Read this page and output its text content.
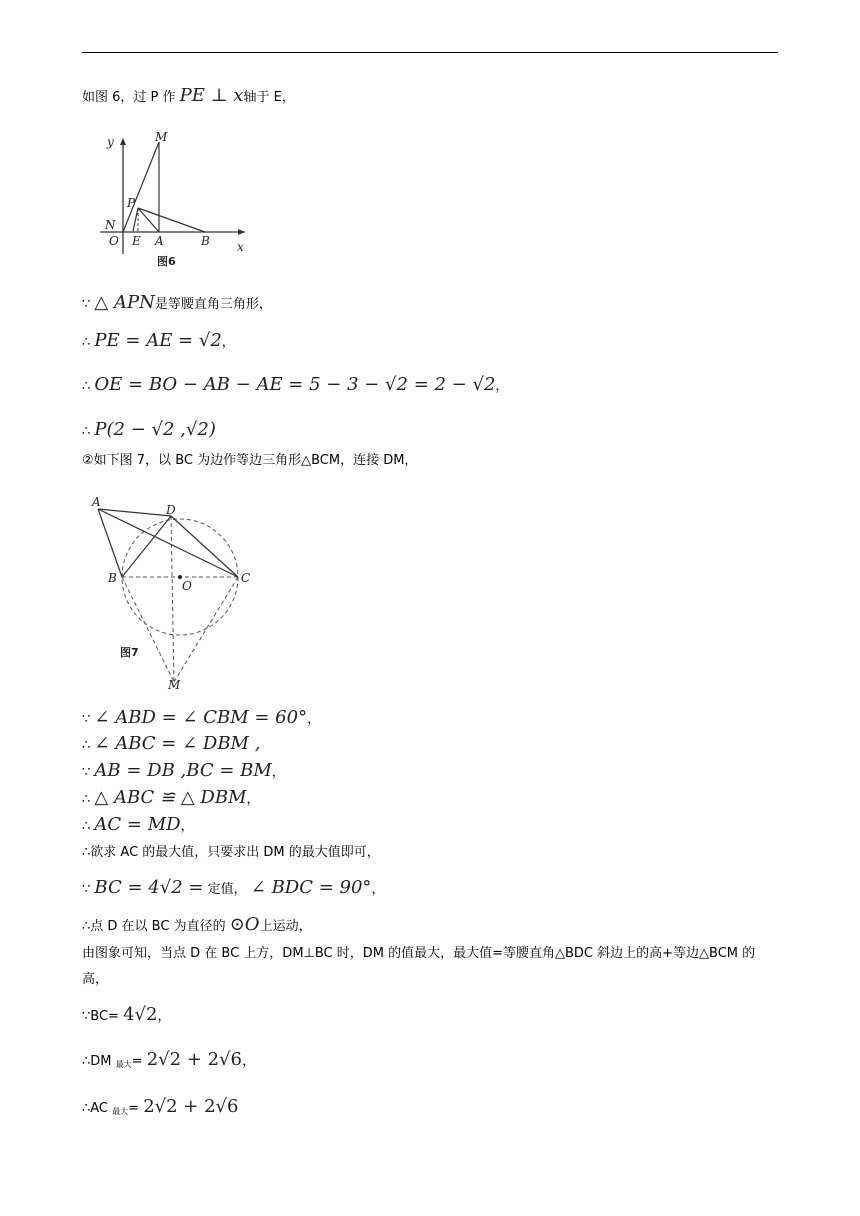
如图 6，过 P 作 PE ⊥ x轴于 E，
y	M
P
N
O E A	B x
图6
∵ △ APN是等腰直角三角形，
∴ PE = AE = √2，
∴ OE = BO − AB − AE = 5 − 3 − √2 = 2 − √2，
∴ P(2 − √2 ,√2)
②如下图 7，以 BC 为边作等边三角形△BCM，连接 DM，
A
D
B	C
O
M
图7
∵ ∠ ABD = ∠ CBM = 60°，
∴ ∠ ABC = ∠ DBM ,
∵ AB = DB ,BC = BM，
∴ △ ABC ≌ △ DBM，
∴ AC = MD，
∴欲求 AC 的最大值，只要求出 DM 的最大值即可，
∵ BC = 4√2 = 定值， ∠ BDC = 90°，
∴点 D 在以 BC 为直径的 ⊙O上运动，
由图象可知，当点 D 在 BC 上方，DM⊥BC 时，DM 的值最大，最大值=等腰直角△BDC 斜边上的高+等边△BCM 的高，
∵BC= 4√2，
∴DM $_{最大}$= 2√2 + 2√6，
∴AC $_{最大}$= 2√2 + 2√6
